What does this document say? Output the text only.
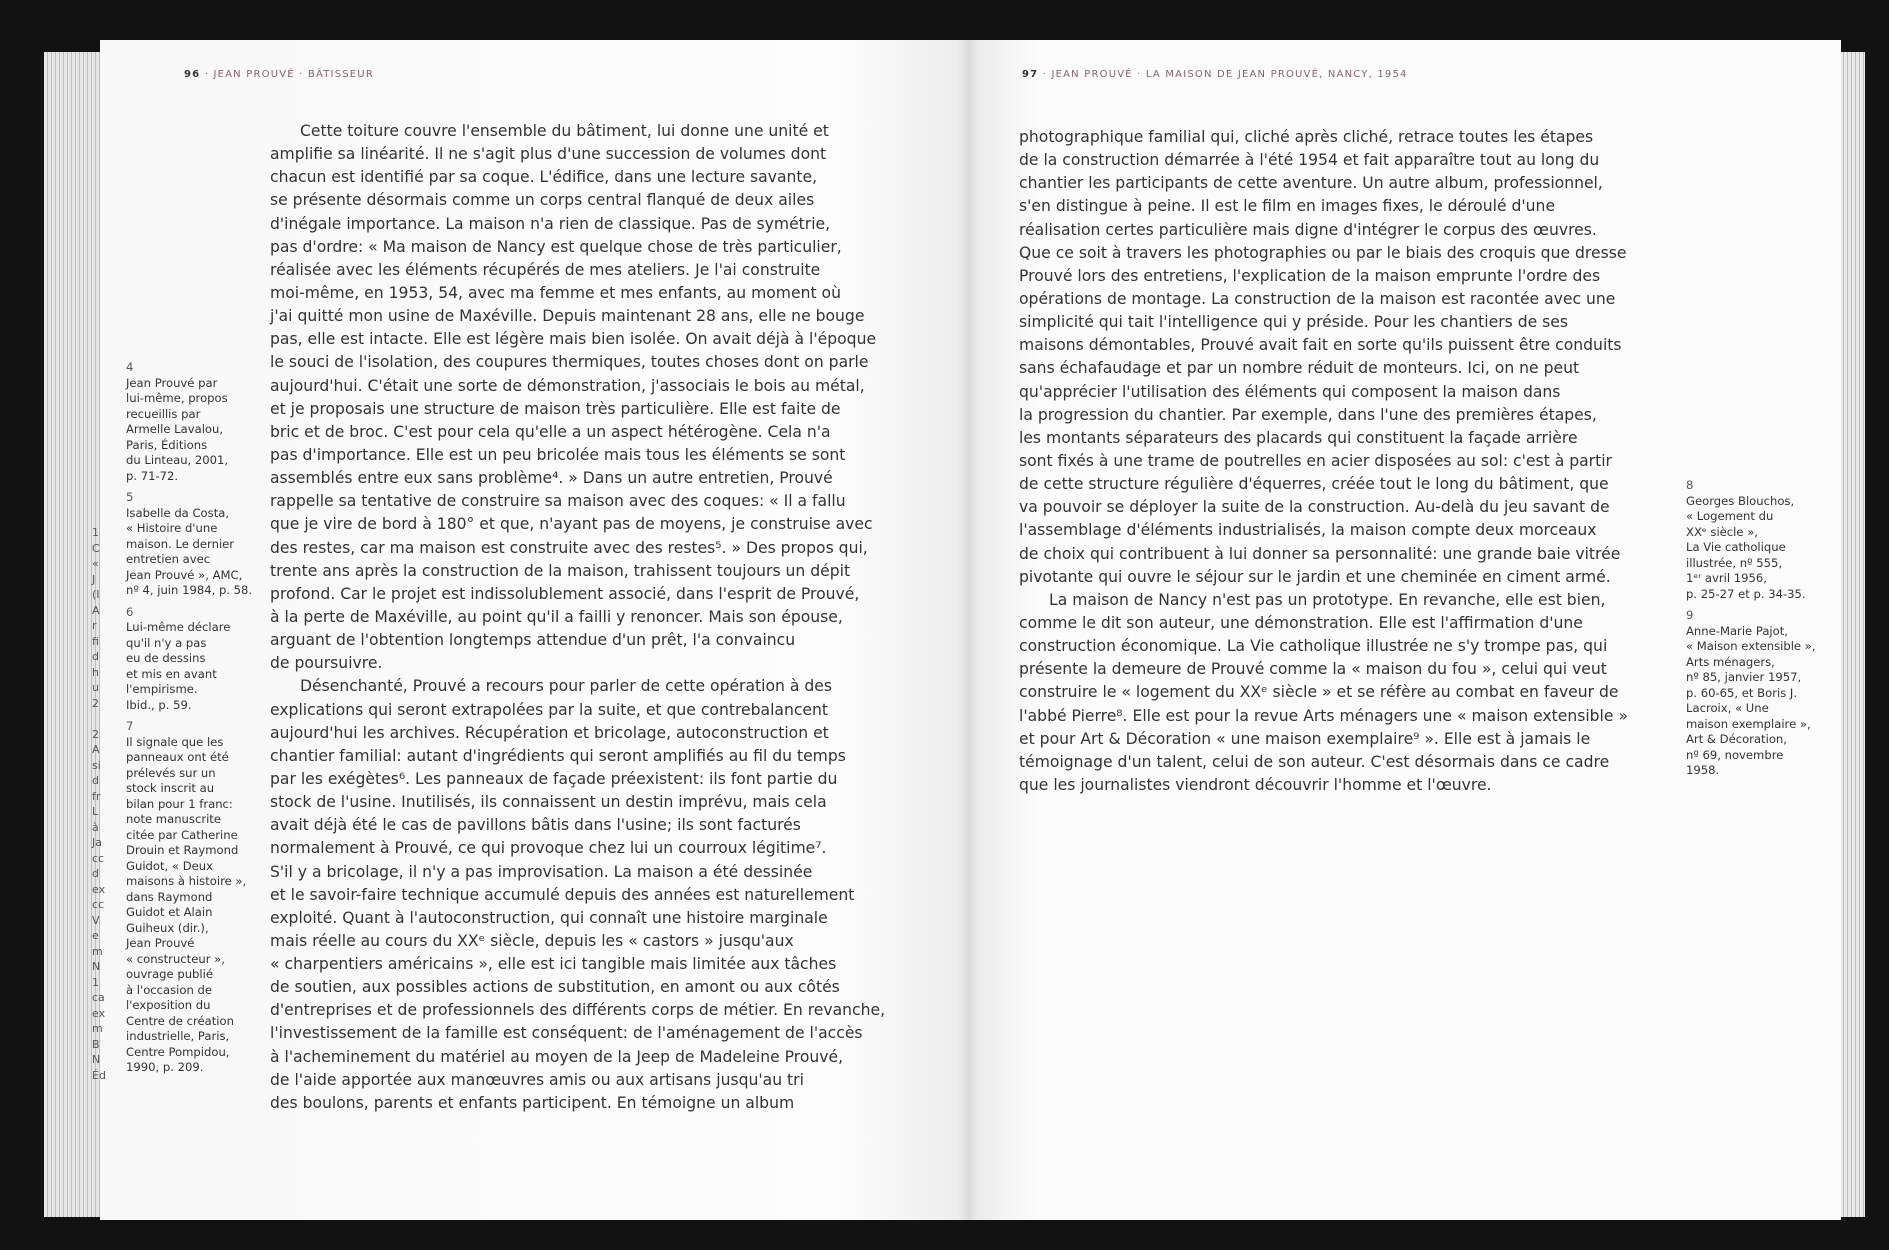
1
C
«
J
(I
A
r
fi
d
h
u
2

2
A
si
d
fr
L
à
Ja
cc
d
ex
cc
V
e
m
N
1
ca
ex
m
B
N
Éd
96 · JEAN PROUVÉ · BÂTISSEUR	97 · JEAN PROUVÉ · LA MAISON DE JEAN PROUVÉ, NANCY, 1954
4
Jean Prouvé par
lui-même, propos
recueillis par
Armelle Lavalou,
Paris, Éditions
du Linteau, 2001,
p. 71-72.
5
Isabelle da Costa,
« Histoire d'une
maison. Le dernier
entretien avec
Jean Prouvé », AMC,
nº 4, juin 1984, p. 58.
6
Lui-même déclare
qu'il n'y a pas
eu de dessins
et mis en avant
l'empirisme.
Ibid., p. 59.
7
Il signale que les
panneaux ont été
prélevés sur un
stock inscrit au
bilan pour 1 franc:
note manuscrite
citée par Catherine
Drouin et Raymond
Guidot, « Deux
maisons à histoire »,
dans Raymond
Guidot et Alain
Guiheux (dir.),
Jean Prouvé
« constructeur »,
ouvrage publié
à l'occasion de
l'exposition du
Centre de création
industrielle, Paris,
Centre Pompidou,
1990, p. 209.
Cette toiture couvre l'ensemble du bâtiment, lui donne une unité et
amplifie sa linéarité. Il ne s'agit plus d'une succession de volumes dont
chacun est identifié par sa coque. L'édifice, dans une lecture savante,
se présente désormais comme un corps central flanqué de deux ailes
d'inégale importance. La maison n'a rien de classique. Pas de symétrie,
pas d'ordre: « Ma maison de Nancy est quelque chose de très particulier,
réalisée avec les éléments récupérés de mes ateliers. Je l'ai construite
moi-même, en 1953, 54, avec ma femme et mes enfants, au moment où
j'ai quitté mon usine de Maxéville. Depuis maintenant 28 ans, elle ne bouge
pas, elle est intacte. Elle est légère mais bien isolée. On avait déjà à l'époque
le souci de l'isolation, des coupures thermiques, toutes choses dont on parle
aujourd'hui. C'était une sorte de démonstration, j'associais le bois au métal,
et je proposais une structure de maison très particulière. Elle est faite de
bric et de broc. C'est pour cela qu'elle a un aspect hétérogène. Cela n'a
pas d'importance. Elle est un peu bricolée mais tous les éléments se sont
assemblés entre eux sans problème⁴. » Dans un autre entretien, Prouvé
rappelle sa tentative de construire sa maison avec des coques: « Il a fallu
que je vire de bord à 180° et que, n'ayant pas de moyens, je construise avec
des restes, car ma maison est construite avec des restes⁵. » Des propos qui,
trente ans après la construction de la maison, trahissent toujours un dépit
profond. Car le projet est indissolublement associé, dans l'esprit de Prouvé,
à la perte de Maxéville, au point qu'il a failli y renoncer. Mais son épouse,
arguant de l'obtention longtemps attendue d'un prêt, l'a convaincu
de poursuivre.
Désenchanté, Prouvé a recours pour parler de cette opération à des
explications qui seront extrapolées par la suite, et que contrebalancent
aujourd'hui les archives. Récupération et bricolage, autoconstruction et
chantier familial: autant d'ingrédients qui seront amplifiés au fil du temps
par les exégètes⁶. Les panneaux de façade préexistent: ils font partie du
stock de l'usine. Inutilisés, ils connaissent un destin imprévu, mais cela
avait déjà été le cas de pavillons bâtis dans l'usine; ils sont facturés
normalement à Prouvé, ce qui provoque chez lui un courroux légitime⁷.
S'il y a bricolage, il n'y a pas improvisation. La maison a été dessinée
et le savoir-faire technique accumulé depuis des années est naturellement
exploité. Quant à l'autoconstruction, qui connaît une histoire marginale
mais réelle au cours du XXᵉ siècle, depuis les « castors » jusqu'aux
« charpentiers américains », elle est ici tangible mais limitée aux tâches
de soutien, aux possibles actions de substitution, en amont ou aux côtés
d'entreprises et de professionnels des différents corps de métier. En revanche,
l'investissement de la famille est conséquent: de l'aménagement de l'accès
à l'acheminement du matériel au moyen de la Jeep de Madeleine Prouvé,
de l'aide apportée aux manœuvres amis ou aux artisans jusqu'au tri
des boulons, parents et enfants participent. En témoigne un album
photographique familial qui, cliché après cliché, retrace toutes les étapes
de la construction démarrée à l'été 1954 et fait apparaître tout au long du
chantier les participants de cette aventure. Un autre album, professionnel,
s'en distingue à peine. Il est le film en images fixes, le déroulé d'une
réalisation certes particulière mais digne d'intégrer le corpus des œuvres.
Que ce soit à travers les photographies ou par le biais des croquis que dresse
Prouvé lors des entretiens, l'explication de la maison emprunte l'ordre des
opérations de montage. La construction de la maison est racontée avec une
simplicité qui tait l'intelligence qui y préside. Pour les chantiers de ses
maisons démontables, Prouvé avait fait en sorte qu'ils puissent être conduits
sans échafaudage et par un nombre réduit de monteurs. Ici, on ne peut
qu'apprécier l'utilisation des éléments qui composent la maison dans
la progression du chantier. Par exemple, dans l'une des premières étapes,
les montants séparateurs des placards qui constituent la façade arrière
sont fixés à une trame de poutrelles en acier disposées au sol: c'est à partir
de cette structure régulière d'équerres, créée tout le long du bâtiment, que
va pouvoir se déployer la suite de la construction. Au-delà du jeu savant de
l'assemblage d'éléments industrialisés, la maison compte deux morceaux
de choix qui contribuent à lui donner sa personnalité: une grande baie vitrée
pivotante qui ouvre le séjour sur le jardin et une cheminée en ciment armé.
La maison de Nancy n'est pas un prototype. En revanche, elle est bien,
comme le dit son auteur, une démonstration. Elle est l'affirmation d'une
construction économique. La Vie catholique illustrée ne s'y trompe pas, qui
présente la demeure de Prouvé comme la « maison du fou », celui qui veut
construire le « logement du XXᵉ siècle » et se réfère au combat en faveur de
l'abbé Pierre⁸. Elle est pour la revue Arts ménagers une « maison extensible »
et pour Art & Décoration « une maison exemplaire⁹ ». Elle est à jamais le
témoignage d'un talent, celui de son auteur. C'est désormais dans ce cadre
que les journalistes viendront découvrir l'homme et l'œuvre.
8
Georges Blouchos,
« Logement du
XXᵉ siècle »,
La Vie catholique
illustrée, nº 555,
1ᵉʳ avril 1956,
p. 25-27 et p. 34-35.
9
Anne-Marie Pajot,
« Maison extensible »,
Arts ménagers,
nº 85, janvier 1957,
p. 60-65, et Boris J.
Lacroix, « Une
maison exemplaire »,
Art & Décoration,
nº 69, novembre
1958.
